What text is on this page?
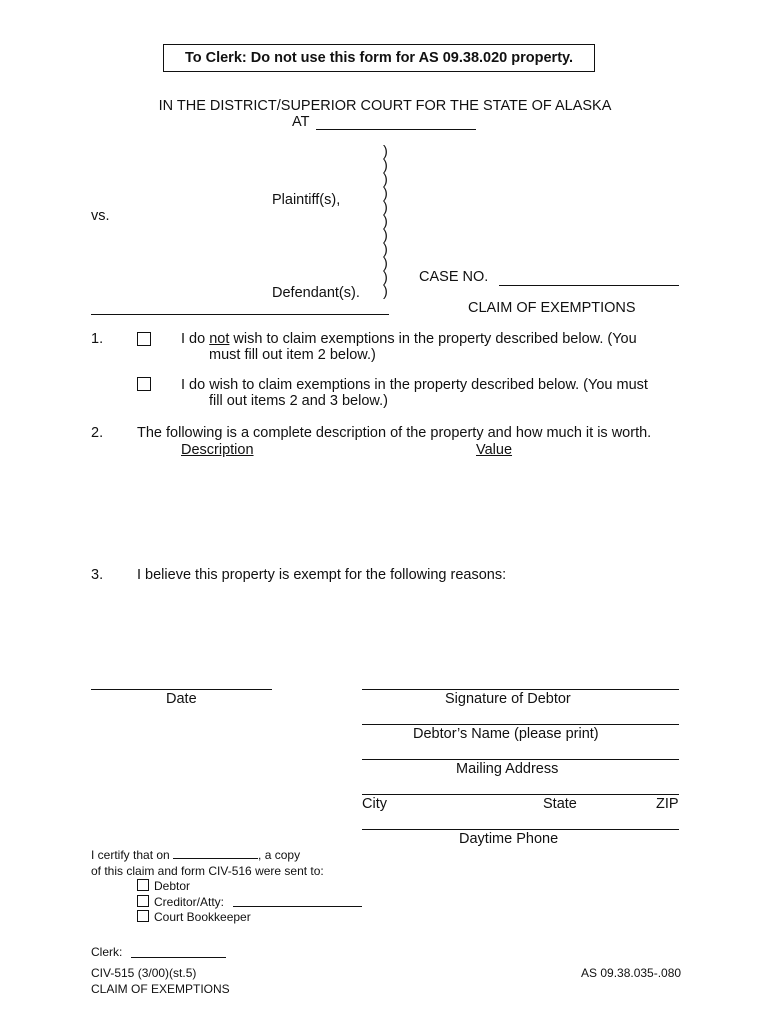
To Clerk: Do not use this form for AS 09.38.020 property.
IN THE DISTRICT/SUPERIOR COURT FOR THE STATE OF ALASKA
AT
)
)
)
)
)
)
)
)
)
)
)
Plaintiff(s),
vs.
Defendant(s).
CASE NO.
CLAIM OF EXEMPTIONS
1.	I do not wish to claim exemptions in the property described below. (You
must fill out item 2 below.)
I do wish to claim exemptions in the property described below. (You must
fill out items 2 and 3 below.)
2. The following is a complete description of the property and how much it is worth.
Description	Value
3. I believe this property is exempt for the following reasons:
Date	Signature of Debtor
Debtor’s Name (please print)
Mailing Address
City	State	ZIP
Daytime Phone
I certify that on	, a copy
of this claim and form CIV-516 were sent to:
Debtor
Creditor/Atty:
Court Bookkeeper
Clerk:
CIV-515 (3/00)(st.5)
CLAIM OF EXEMPTIONS
AS 09.38.035-.080
